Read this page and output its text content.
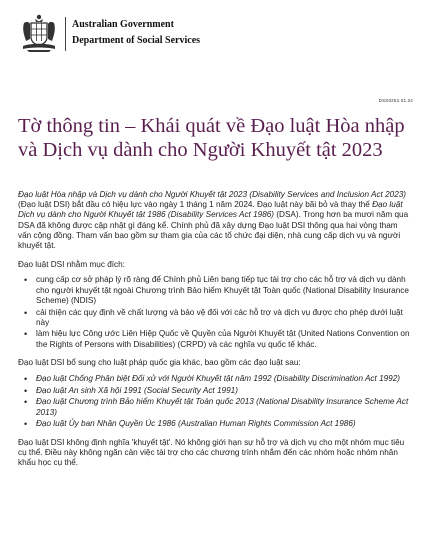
Australian Government
Department of Social Services
DSS0252.01.24
Tờ thông tin – Khái quát về Đạo luật Hòa nhập và Dịch vụ dành cho Người Khuyết tật 2023

Đạo luật Hòa nhập và Dịch vụ dành cho Người Khuyết tật 2023 (Disability Services and Inclusion Act 2023) (Đạo luật DSI) bắt đầu có hiệu lực vào ngày 1 tháng 1 năm 2024. Đạo luật này bãi bỏ và thay thế Đạo luật Dịch vụ dành cho Người Khuyết tật 1986 (Disability Services Act 1986) (DSA). Trong hơn ba mươi năm qua DSA đã không được cập nhật gì đáng kể. Chính phủ đã xây dựng Đạo luật DSI thông qua hai vòng tham vấn cộng đồng. Tham vấn bao gồm sự tham gia của các tổ chức đại diện, nhà cung cấp dịch vụ và người khuyết tật.

Đạo luật DSI nhằm mục đích:

• cung cấp cơ sở pháp lý rõ ràng để Chính phủ Liên bang tiếp tục tài trợ cho các hỗ trợ và dịch vụ dành cho người khuyết tật ngoài Chương trình Bảo hiểm Khuyết tật Toàn quốc (National Disability Insurance Scheme) (NDIS)
• cải thiện các quy định về chất lượng và bảo vệ đối với các hỗ trợ và dịch vụ được cho phép dưới luật này
• làm hiệu lực Công ước Liên Hiệp Quốc về Quyền của Người Khuyết tật (United Nations Convention on the Rights of Persons with Disabilities) (CRPD) và các nghĩa vụ quốc tế khác.

Đạo luật DSI bổ sung cho luật pháp quốc gia khác, bao gồm các đạo luật sau:

• Đạo luật Chống Phân biệt Đối xử với Người Khuyết tật năm 1992 (Disability Discrimination Act 1992)
• Đạo luật An sinh Xã hội 1991 (Social Security Act 1991)
• Đạo luật Chương trình Bảo hiểm Khuyết tật Toàn quốc 2013 (National Disability Insurance Scheme Act 2013)
• Đạo luật Ủy ban Nhân Quyền Úc 1986 (Australian Human Rights Commission Act 1986)

Đạo luật DSI không định nghĩa 'khuyết tật'. Nó không giới hạn sự hỗ trợ và dịch vụ cho một nhóm mục tiêu cụ thể. Điều này không ngăn cản việc tài trợ cho các chương trình nhắm đến các nhóm hoặc nhóm nhân khẩu học cụ thể.
